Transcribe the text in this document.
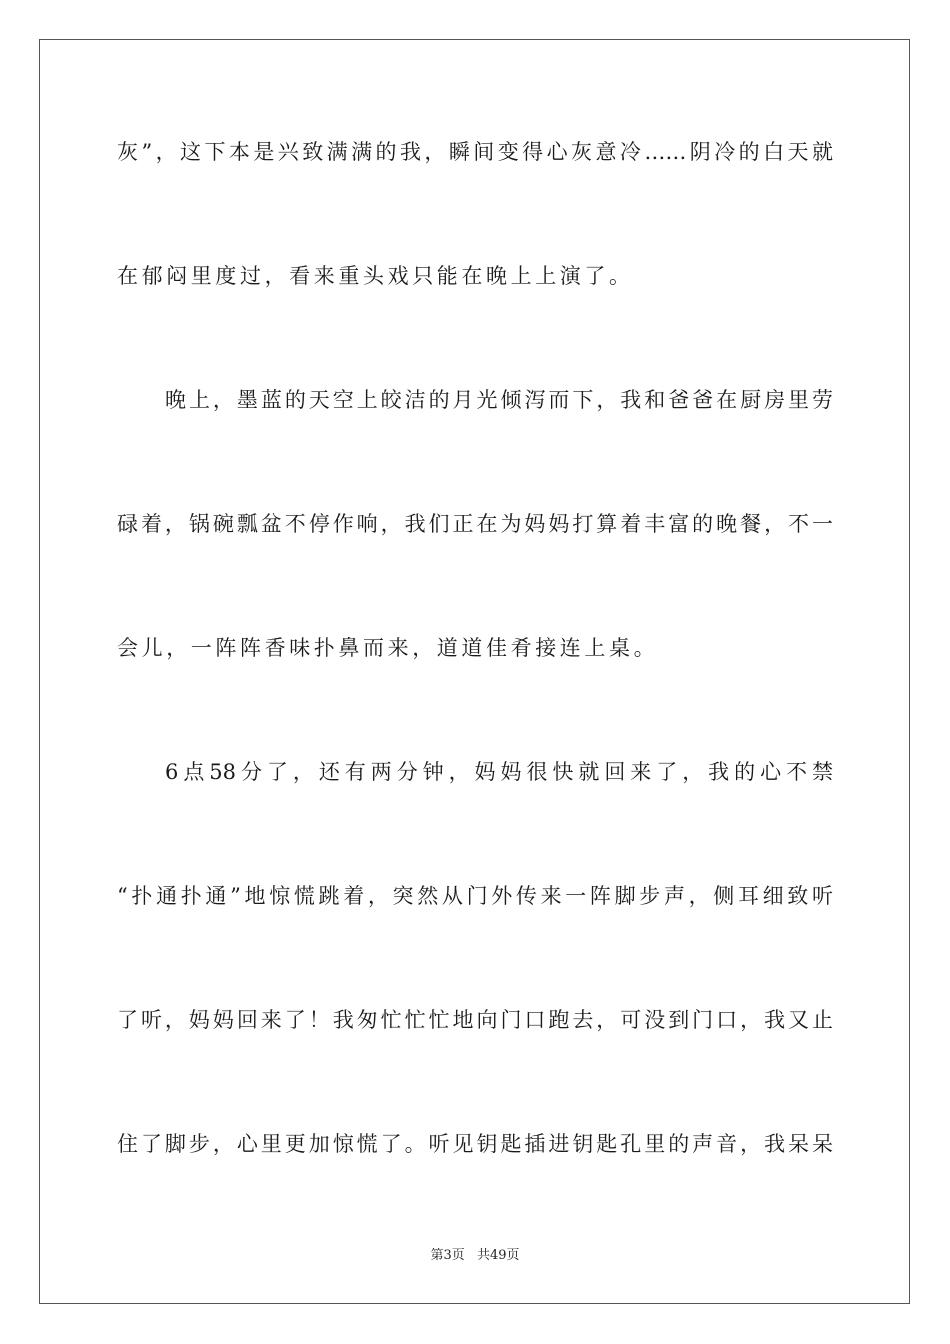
灰”，这下本是兴致满满的我，瞬间变得心灰意冷……阴冷的白天就
在郁闷里度过，看来重头戏只能在晚上上演了。
晚上，墨蓝的天空上皎洁的月光倾泻而下，我和爸爸在厨房里劳
碌着，锅碗瓢盆不停作响，我们正在为妈妈打算着丰富的晚餐，不一
会儿，一阵阵香味扑鼻而来，道道佳肴接连上桌。
6点58分了，还有两分钟，妈妈很快就回来了，我的心不禁
“扑通扑通”地惊慌跳着，突然从门外传来一阵脚步声，侧耳细致听
了听，妈妈回来了！我匆忙忙忙地向门口跑去，可没到门口，我又止
住了脚步，心里更加惊慌了。听见钥匙插进钥匙孔里的声音，我呆呆
第3页 共49页
